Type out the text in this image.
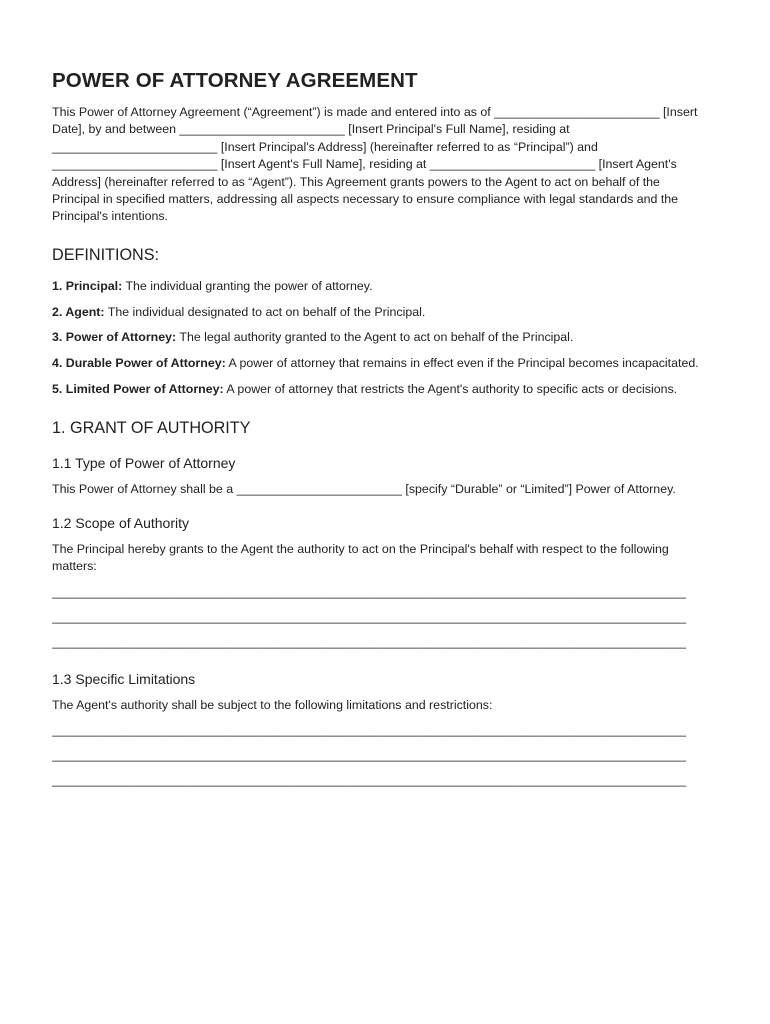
POWER OF ATTORNEY AGREEMENT

This Power of Attorney Agreement (“Agreement”) is made and entered into as of ________________________ [Insert Date], by and between ________________________ [Insert Principal's Full Name], residing at ________________________ [Insert Principal's Address] (hereinafter referred to as “Principal”) and ________________________ [Insert Agent's Full Name], residing at ________________________ [Insert Agent's Address] (hereinafter referred to as “Agent”). This Agreement grants powers to the Agent to act on behalf of the Principal in specified matters, addressing all aspects necessary to ensure compliance with legal standards and the Principal's intentions.

DEFINITIONS:

1. Principal: The individual granting the power of attorney.

2. Agent: The individual designated to act on behalf of the Principal.

3. Power of Attorney: The legal authority granted to the Agent to act on behalf of the Principal.

4. Durable Power of Attorney: A power of attorney that remains in effect even if the Principal becomes incapacitated.

5. Limited Power of Attorney: A power of attorney that restricts the Agent's authority to specific acts or decisions.

1. GRANT OF AUTHORITY
1.1 Type of Power of Attorney

This Power of Attorney shall be a ________________________ [specify “Durable” or “Limited”] Power of Attorney.

1.2 Scope of Authority

The Principal hereby grants to the Agent the authority to act on the Principal's behalf with respect to the following matters:

____________________________________________________________________________________________
____________________________________________________________________________________________
____________________________________________________________________________________________
1.3 Specific Limitations

The Agent's authority shall be subject to the following limitations and restrictions:

____________________________________________________________________________________________
____________________________________________________________________________________________
____________________________________________________________________________________________
